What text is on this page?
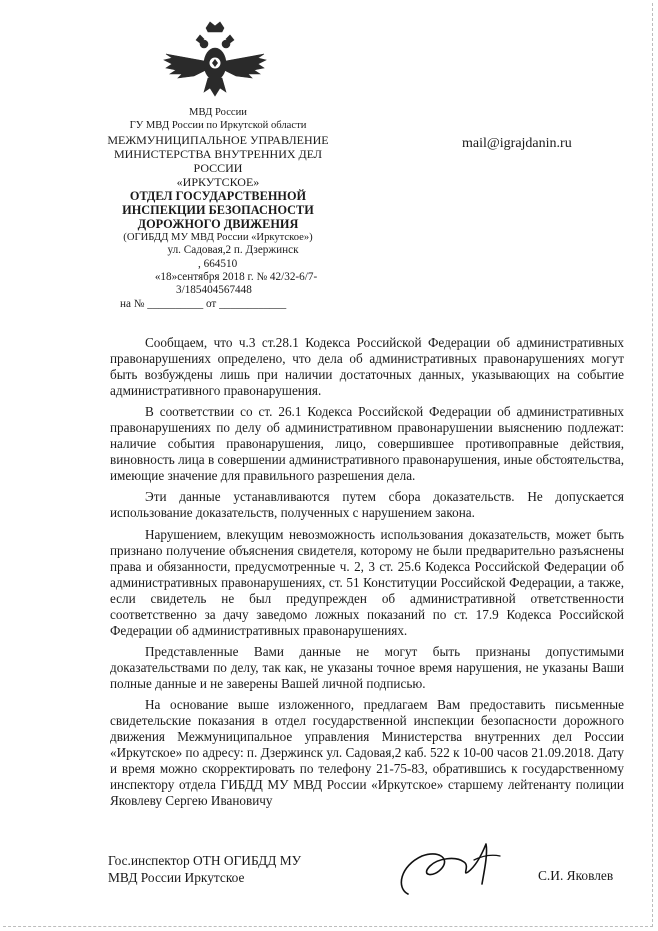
МВД России
ГУ МВД России по Иркутской области
МЕЖМУНИЦИПАЛЬНОЕ УПРАВЛЕНИЕ
МИНИСТЕРСТВА ВНУТРЕННИХ ДЕЛ
РОССИИ
«ИРКУТСКОЕ»
ОТДЕЛ ГОСУДАРСТВЕННОЙ
ИНСПЕКЦИИ БЕЗОПАСНОСТИ
ДОРОЖНОГО ДВИЖЕНИЯ
(ОГИБДД МУ МВД России «Иркутское»)
ул. Садовая,2 п. Дзержинск
, 664510
«18»сентября 2018 г. № 42/32-6/7-
3/185404567448
на № __________ от ____________
mail@igrajdanin.ru

Сообщаем, что ч.3 ст.28.1 Кодекса Российской Федерации об административных правонарушениях определено, что дела об административных правонарушениях могут быть возбуждены лишь при наличии достаточных данных, указывающих на событие административного правонарушения.

В соответствии со ст. 26.1 Кодекса Российской Федерации об административных правонарушениях по делу об административном правонарушении выяснению подлежат: наличие события правонарушения, лицо, совершившее противоправные действия, виновность лица в совершении административного правонарушения, иные обстоятельства, имеющие значение для правильного разрешения дела.

Эти данные устанавливаются путем сбора доказательств. Не допускается использование доказательств, полученных с нарушением закона.

Нарушением, влекущим невозможность использования доказательств, может быть признано получение объяснения свидетеля, которому не были предварительно разъяснены права и обязанности, предусмотренные ч. 2, 3 ст. 25.6 Кодекса Российской Федерации об административных правонарушениях, ст. 51 Конституции Российской Федерации, а также, если свидетель не был предупрежден об административной ответственности соответственно за дачу заведомо ложных показаний по ст. 17.9 Кодекса Российской Федерации об административных правонарушениях.

Представленные Вами данные не могут быть признаны допустимыми доказательствами по делу, так как, не указаны точное время нарушения, не указаны Ваши полные данные и не заверены Вашей личной подписью.

На основание выше изложенного, предлагаем Вам предоставить письменные свидетельские показания в отдел государственной инспекции безопасности дорожного движения Межмуниципальное управления Министерства внутренних дел России «Иркутское» по адресу: п. Дзержинск ул. Садовая,2 каб. 522 к 10-00 часов 21.09.2018. Дату и время можно скорректировать по телефону 21-75-83, обратившись к государственному инспектору отдела ГИБДД МУ МВД России «Иркутское» старшему лейтенанту полиции Яковлеву Сергею Ивановичу

Гос.инспектор ОТН ОГИБДД МУ
МВД России Иркутское	С.И. Яковлев
